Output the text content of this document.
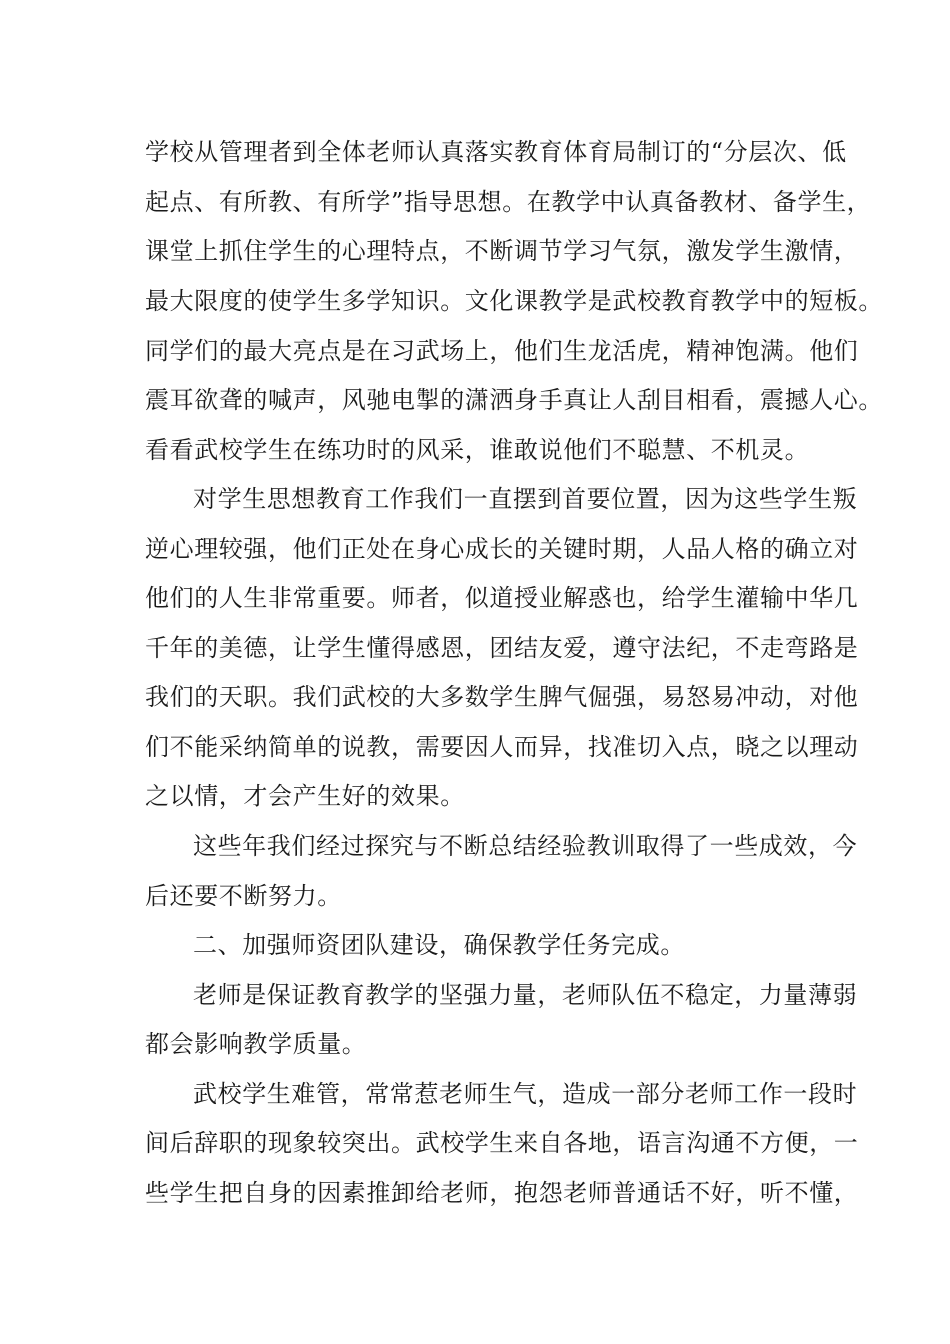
学校从管理者到全体老师认真落实教育体育局制订的“分层次、低
起点、有所教、有所学”指导思想。在教学中认真备教材、备学生，
课堂上抓住学生的心理特点，不断调节学习气氛，激发学生激情，
最大限度的使学生多学知识。文化课教学是武校教育教学中的短板。
同学们的最大亮点是在习武场上，他们生龙活虎，精神饱满。他们
震耳欲聋的喊声，风驰电掣的潇洒身手真让人刮目相看，震撼人心。
看看武校学生在练功时的风采，谁敢说他们不聪慧、不机灵。
对学生思想教育工作我们一直摆到首要位置，因为这些学生叛
逆心理较强，他们正处在身心成长的关键时期，人品人格的确立对
他们的人生非常重要。师者，似道授业解惑也，给学生灌输中华几
千年的美德，让学生懂得感恩，团结友爱，遵守法纪，不走弯路是
我们的天职。我们武校的大多数学生脾气倔强，易怒易冲动，对他
们不能采纳简单的说教，需要因人而异，找准切入点，晓之以理动
之以情，才会产生好的效果。
这些年我们经过探究与不断总结经验教训取得了一些成效，今
后还要不断努力。
二、加强师资团队建设，确保教学任务完成。
老师是保证教育教学的坚强力量，老师队伍不稳定，力量薄弱
都会影响教学质量。
武校学生难管，常常惹老师生气，造成一部分老师工作一段时
间后辞职的现象较突出。武校学生来自各地，语言沟通不方便，一
些学生把自身的因素推卸给老师，抱怨老师普通话不好，听不懂，
